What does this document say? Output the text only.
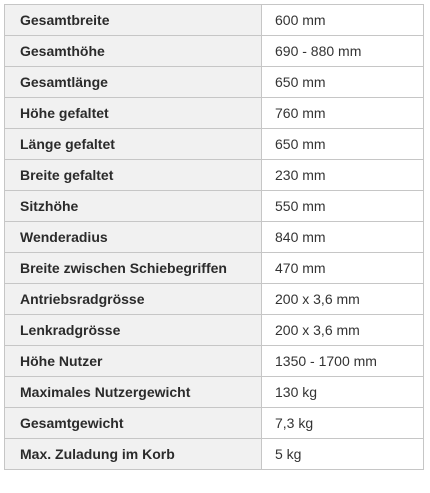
Gesamtbreite	600 mm
Gesamthöhe	690 - 880 mm
Gesamtlänge	650 mm
Höhe gefaltet	760 mm
Länge gefaltet	650 mm
Breite gefaltet	230 mm
Sitzhöhe	550 mm
Wenderadius	840 mm
Breite zwischen Schiebegriffen	470 mm
Antriebsradgrösse	200 x 3,6 mm
Lenkradgrösse	200 x 3,6 mm
Höhe Nutzer	1350 - 1700 mm
Maximales Nutzergewicht	130 kg
Gesamtgewicht	7,3 kg
Max. Zuladung im Korb	5 kg
